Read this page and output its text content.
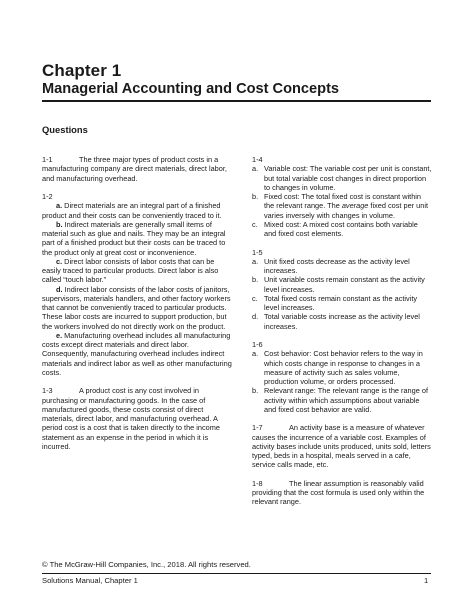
Chapter 1
Managerial Accounting and Cost Concepts
Questions

1-1	The three major types of product costs in a manufacturing company are direct materials, direct labor, and manufacturing overhead.

1-2

a. Direct materials are an integral part of a finished product and their costs can be conveniently traced to it.

b. Indirect materials are generally small items of material such as glue and nails. They may be an integral part of a finished product but their costs can be traced to the product only at great cost or inconvenience.

c. Direct labor consists of labor costs that can be easily traced to particular products. Direct labor is also called “touch labor.”

d. Indirect labor consists of the labor costs of janitors, supervisors, materials handlers, and other factory workers that cannot be conveniently traced to particular products. These labor costs are incurred to support production, but the workers involved do not directly work on the product.

e. Manufacturing overhead includes all manufacturing costs except direct materials and direct labor. Consequently, manufacturing overhead includes indirect materials and indirect labor as well as other manufacturing costs.

1-3	A product cost is any cost involved in purchasing or manufacturing goods. In the case of manufactured goods, these costs consist of direct materials, direct labor, and manufacturing overhead. A period cost is a cost that is taken directly to the income statement as an expense in the period in which it is incurred.

1-4
a. Variable cost: The variable cost per unit is constant, but total variable cost changes in direct proportion to changes in volume.
b. Fixed cost: The total fixed cost is constant within the relevant range. The average fixed cost per unit varies inversely with changes in volume.
c. Mixed cost: A mixed cost contains both variable and fixed cost elements.
1-5
a. Unit fixed costs decrease as the activity level increases.
b. Unit variable costs remain constant as the activity level increases.
c. Total fixed costs remain constant as the activity level increases.
d. Total variable costs increase as the activity level increases.
1-6
a. Cost behavior: Cost behavior refers to the way in which costs change in response to changes in a measure of activity such as sales volume, production volume, or orders processed.
b. Relevant range: The relevant range is the range of activity within which assumptions about variable and fixed cost behavior are valid.

1-7	An activity base is a measure of whatever causes the incurrence of a variable cost. Examples of activity bases include units produced, units sold, letters typed, beds in a hospital, meals served in a cafe, service calls made, etc.

1-8	The linear assumption is reasonably valid providing that the cost formula is used only within the relevant range.

© The McGraw-Hill Companies, Inc., 2018. All rights reserved.
Solutions Manual, Chapter 1	1
